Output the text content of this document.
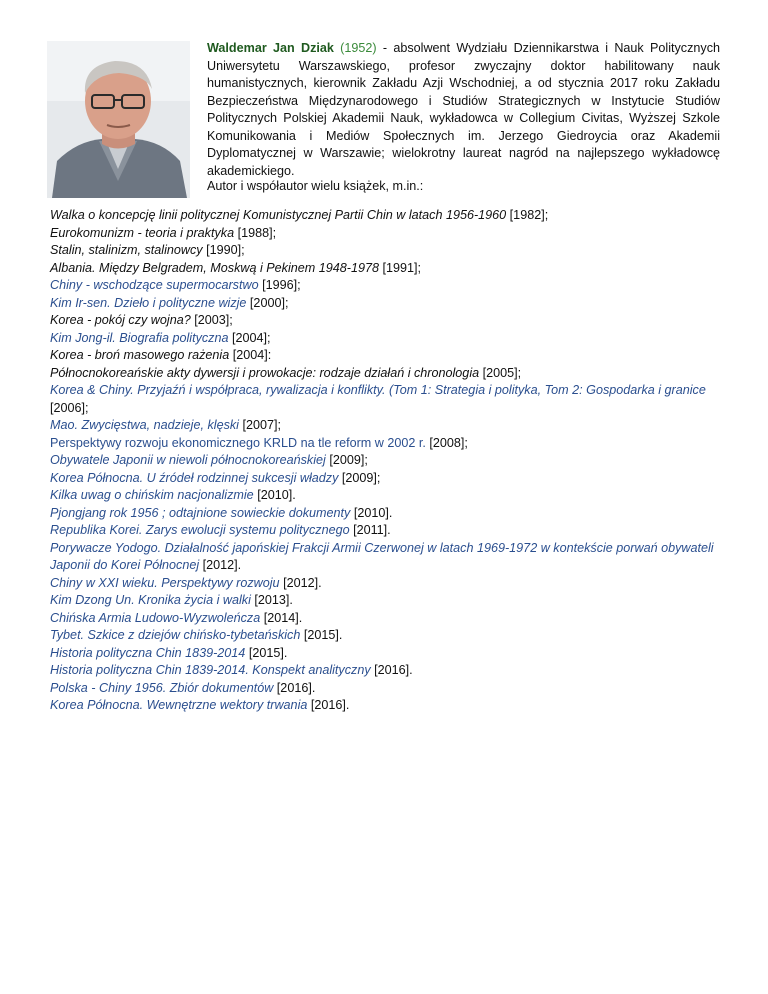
Waldemar Jan Dziak (1952) - absolwent Wydziału Dziennikarstwa i Nauk Politycznych Uniwersytetu Warszawskiego, profesor zwyczajny doktor habilitowany nauk humanistycznych, kierownik Zakładu Azji Wschodniej, a od stycznia 2017 roku Zakładu Bezpieczeństwa Międzynarodowego i Studiów Strategicznych w Instytucie Studiów Politycznych Polskiej Akademii Nauk, wykładowca w Collegium Civitas, Wyższej Szkole Komunikowania i Mediów Społecznych im. Jerzego Giedroycia oraz Akademii Dyplomatycznej w Warszawie; wielokrotny laureat nagród na najlepszego wykładowcę akademickiego.
Autor i współautor wielu książek, m.in.:
Walka o koncepcję linii politycznej Komunistycznej Partii Chin w latach 1956-1960 [1982];
Eurokomunizm - teoria i praktyka [1988];
Stalin, stalinizm, stalinowcy [1990];
Albania. Między Belgradem, Moskwą i Pekinem 1948-1978 [1991];
Chiny - wschodzące supermocarstwo [1996];
Kim Ir-sen. Dzieło i polityczne wizje [2000];
Korea - pokój czy wojna? [2003];
Kim Jong-il. Biografia polityczna [2004];
Korea - broń masowego rażenia [2004]:
Północnokoreańskie akty dywersji i prowokacje: rodzaje działań i chronologia [2005];
Korea & Chiny. Przyjaźń i współpraca, rywalizacja i konflikty. (Tom 1: Strategia i polityka, Tom 2: Gospodarka i granice [2006];
Mao. Zwycięstwa, nadzieje, klęski [2007];
Perspektywy rozwoju ekonomicznego KRLD na tle reform w 2002 r. [2008];
Obywatele Japonii w niewoli północnokoreańskiej [2009];
Korea Północna. U źródeł rodzinnej sukcesji władzy [2009];
Kilka uwag o chińskim nacjonalizmie [2010].
Pjongjang rok 1956 ; odtajnione sowieckie dokumenty [2010].
Republika Korei. Zarys ewolucji systemu politycznego [2011].
Porywacze Yodogo. Działalność japońskiej Frakcji Armii Czerwonej w latach 1969-1972 w kontekście porwań obywateli Japonii do Korei Północnej [2012].
Chiny w XXI wieku. Perspektywy rozwoju [2012].
Kim Dzong Un. Kronika życia i walki [2013].
Chińska Armia Ludowo-Wyzwoleńcza [2014].
Tybet. Szkice z dziejów chińsko-tybetańskich [2015].
Historia polityczna Chin 1839-2014 [2015].
Historia polityczna Chin 1839-2014. Konspekt analityczny [2016].
Polska - Chiny 1956. Zbiór dokumentów [2016].
Korea Północna. Wewnętrzne wektory trwania [2016].
